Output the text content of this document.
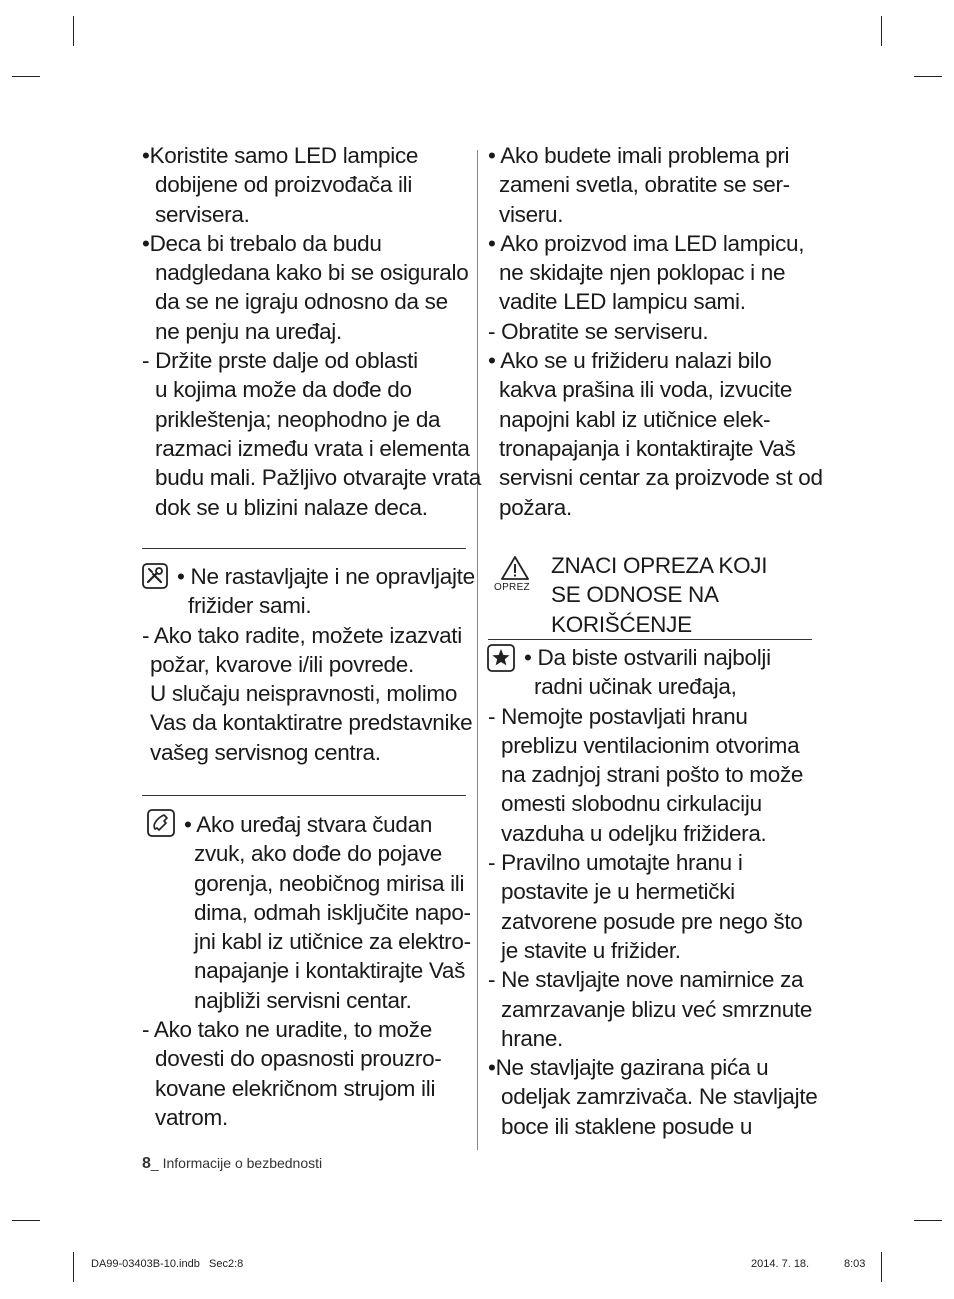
•Koristite samo LED lampice
dobijene od proizvođača ili
servisera.
•Deca bi trebalo da budu
nadgledana kako bi se osiguralo
da se ne igraju odnosno da se
ne penju na uređaj.
- Držite prste dalje od oblasti
u kojima može da dođe do
prikleštenja; neophodno je da
razmaci između vrata i elementa
budu mali. Pažljivo otvarajte vrata
dok se u blizini nalaze deca.
• Ne rastavljajte i ne opravljajte
frižider sami.
- Ako tako radite, možete izazvati
požar, kvarove i/ili povrede.
U slučaju neispravnosti, molimo
Vas da kontaktiratre predstavnike
vašeg servisnog centra.
• Ako uređaj stvara čudan
zvuk, ako dođe do pojave
gorenja, neobičnog mirisa ili
dima, odmah isključite napo-
jni kabl iz utičnice za elektro-
napajanje i kontaktirajte Vaš
najbliži servisni centar.
- Ako tako ne uradite, to može
dovesti do opasnosti prouzro-
kovane elekričnom strujom ili
vatrom.
• Ako budete imali problema pri
zameni svetla, obratite se ser-
viseru.
• Ako proizvod ima LED lampicu,
ne skidajte njen poklopac i ne
vadite LED lampicu sami.
- Obratite se serviseru.
• Ako se u frižideru nalazi bilo
kakva prašina ili voda, izvucite
napojni kabl iz utičnice elek-
tronapajanja i kontaktirajte Vaš
servisni centar za proizvode st od
požara.
OPREZ
ZNACI OPREZA KOJI
SE ODNOSE NA
KORIŠĆENJE
• Da biste ostvarili najbolji
radni učinak uređaja,
- Nemojte postavljati hranu
preblizu ventilacionim otvorima
na zadnjoj strani pošto to može
omesti slobodnu cirkulaciju
vazduha u odeljku frižidera.
- Pravilno umotajte hranu i
postavite je u hermetički
zatvorene posude pre nego što
je stavite u frižider.
- Ne stavljajte nove namirnice za
zamrzavanje blizu već smrznute
hrane.
•Ne stavljajte gazirana pića u
odeljak zamrzivača. Ne stavljajte
boce ili staklene posude u
8_ Informacije o bezbednosti
DA99-03403B-10.indb   Sec2:8	2014. 7. 18.	8:03
